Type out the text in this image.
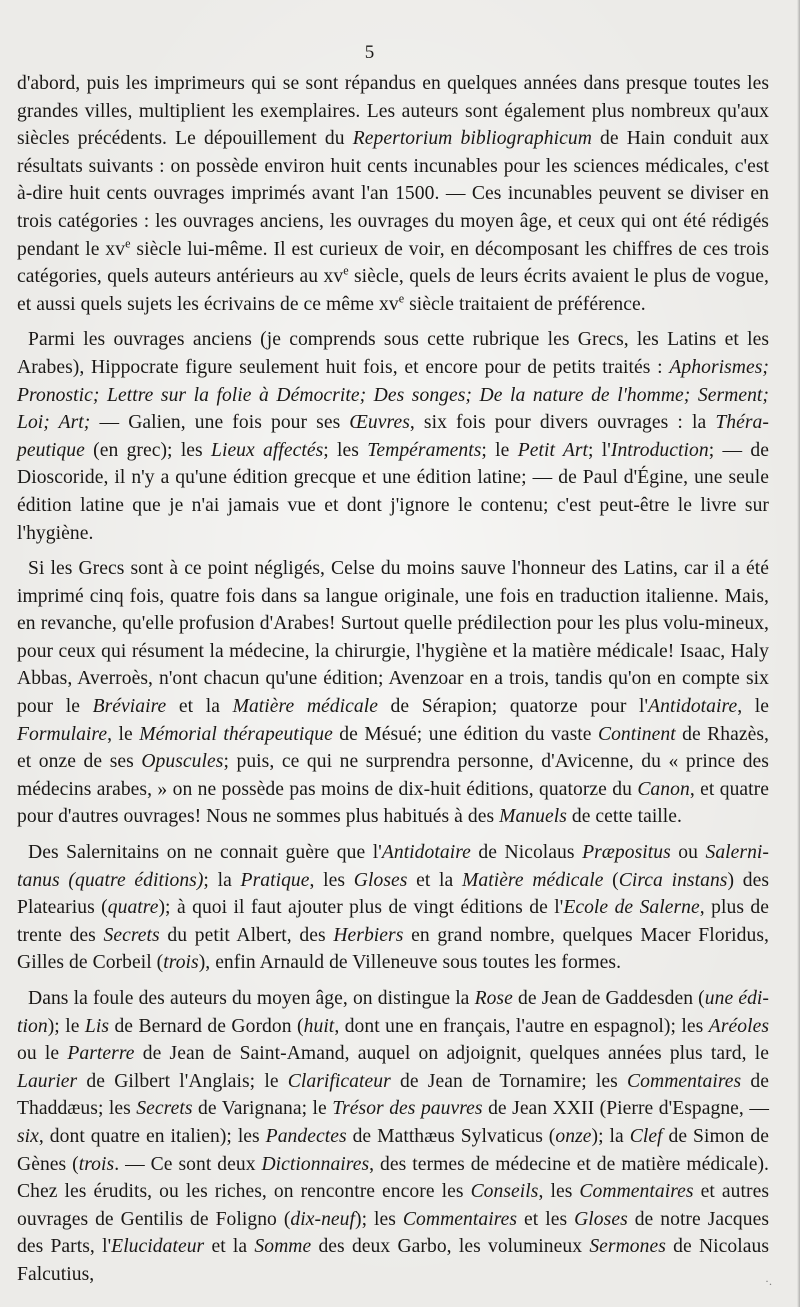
5

d'abord, puis les imprimeurs qui se sont répandus en quelques années dans presque toutes les grandes villes, multiplient les exemplaires. Les auteurs sont également plus nombreux qu'aux siècles précédents. Le dépouillement du Repertorium bibliographicum de Hain conduit aux résultats suivants : on possède environ huit cents incunables pour les sciences médicales, c'est à-dire huit cents ouvrages imprimés avant l'an 1500. — Ces incunables peuvent se diviser en trois catégories : les ouvrages anciens, les ouvrages du moyen âge, et ceux qui ont été rédigés pendant le $xv^e$ siècle lui-même. Il est curieux de voir, en décomposant les chiffres de ces trois catégories, quels auteurs antérieurs au $xv^e$ siècle, quels de leurs écrits avaient le plus de vogue, et aussi quels sujets les écrivains de ce même $xv^e$ siècle traitaient de préférence.

Parmi les ouvrages anciens (je comprends sous cette rubrique les Grecs, les Latins et les Arabes), Hippocrate figure seulement huit fois, et encore pour de petits traités : Aphorismes; Pronostic; Lettre sur la folie à Démocrite; Des songes; De la nature de l'homme; Serment; Loi; Art; — Galien, une fois pour ses Œuvres, six fois pour divers ouvrages : la Théra-peutique (en grec); les Lieux affectés; les Tempéraments; le Petit Art; l'Introduction; — de Dioscoride, il n'y a qu'une édition grecque et une édition latine; — de Paul d'Égine, une seule édition latine que je n'ai jamais vue et dont j'ignore le contenu; c'est peut-être le livre sur l'hygiène.

Si les Grecs sont à ce point négligés, Celse du moins sauve l'honneur des Latins, car il a été imprimé cinq fois, quatre fois dans sa langue originale, une fois en traduction italienne. Mais, en revanche, qu'elle profusion d'Arabes! Surtout quelle prédilection pour les plus volu-mineux, pour ceux qui résument la médecine, la chirurgie, l'hygiène et la matière médicale! Isaac, Haly Abbas, Averroès, n'ont chacun qu'une édition; Avenzoar en a trois, tandis qu'on en compte six pour le Bréviaire et la Matière médicale de Sérapion; quatorze pour l'Antidotaire, le Formulaire, le Mémorial thérapeutique de Mésué; une édition du vaste Continent de Rhazès, et onze de ses Opuscules; puis, ce qui ne surprendra personne, d'Avicenne, du « prince des médecins arabes, » on ne possède pas moins de dix-huit éditions, quatorze du Canon, et quatre pour d'autres ouvrages! Nous ne sommes plus habitués à des Manuels de cette taille.

Des Salernitains on ne connait guère que l'Antidotaire de Nicolaus Præpositus ou Salerni-tanus (quatre éditions); la Pratique, les Gloses et la Matière médicale (Circa instans) des Platearius (quatre); à quoi il faut ajouter plus de vingt éditions de l'Ecole de Salerne, plus de trente des Secrets du petit Albert, des Herbiers en grand nombre, quelques Macer Floridus, Gilles de Corbeil (trois), enfin Arnauld de Villeneuve sous toutes les formes.

Dans la foule des auteurs du moyen âge, on distingue la Rose de Jean de Gaddesden (une édi-tion); le Lis de Bernard de Gordon (huit, dont une en français, l'autre en espagnol); les Aréoles ou le Parterre de Jean de Saint-Amand, auquel on adjoignit, quelques années plus tard, le Laurier de Gilbert l'Anglais; le Clarificateur de Jean de Tornamire; les Commentaires de Thaddæus; les Secrets de Varignana; le Trésor des pauvres de Jean XXII (Pierre d'Espagne, — six, dont quatre en italien); les Pandectes de Matthæus Sylvaticus (onze); la Clef de Simon de Gènes (trois. — Ce sont deux Dictionnaires, des termes de médecine et de matière médicale). Chez les érudits, ou les riches, on rencontre encore les Conseils, les Commentaires et autres ouvrages de Gentilis de Foligno (dix-neuf); les Commentaires et les Gloses de notre Jacques des Parts, l'Elucidateur et la Somme des deux Garbo, les volumineux Sermones de Nicolaus Falcutius,	·.
